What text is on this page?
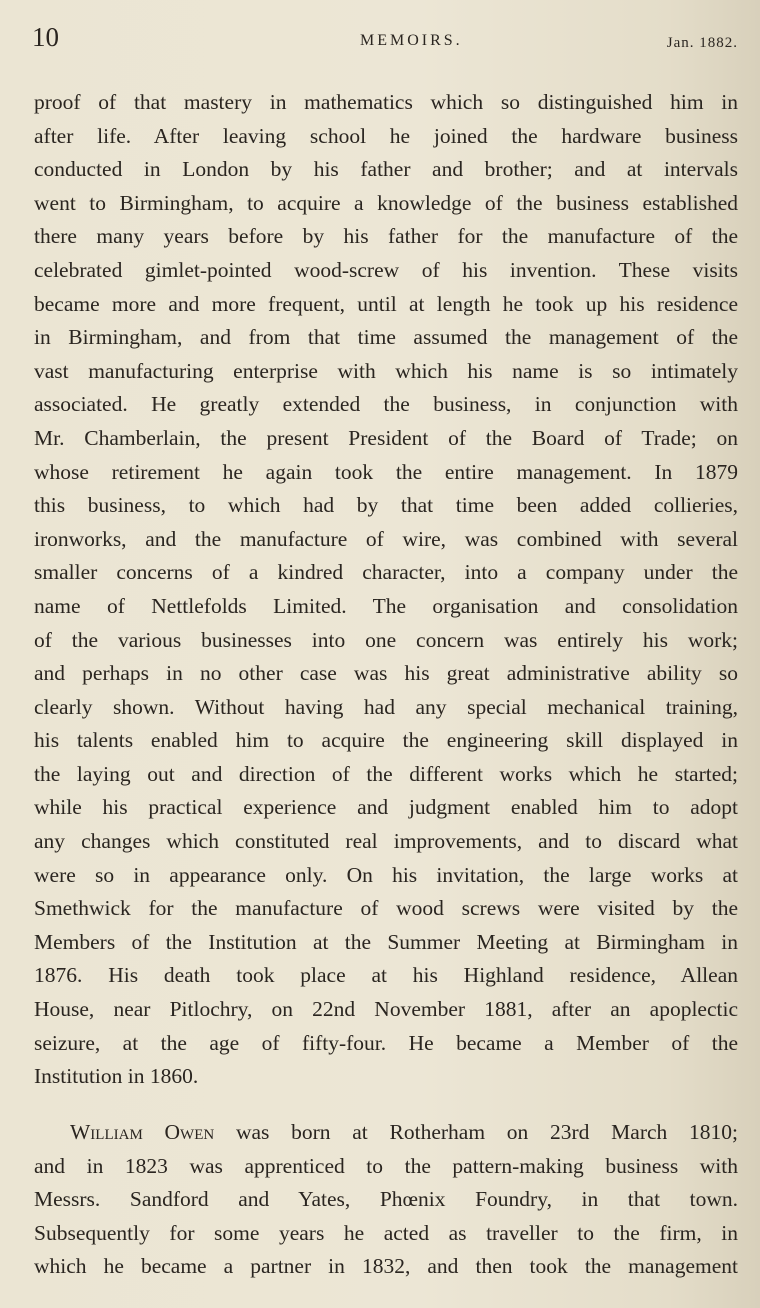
10	MEMOIRS.	Jan. 1882.
proof of that mastery in mathematics which so distinguished him in
after life. After leaving school he joined the hardware business
conducted in London by his father and brother; and at intervals
went to Birmingham, to acquire a knowledge of the business established
there many years before by his father for the manufacture of the
celebrated gimlet-pointed wood-screw of his invention. These visits
became more and more frequent, until at length he took up his residence
in Birmingham, and from that time assumed the management of the
vast manufacturing enterprise with which his name is so intimately
associated. He greatly extended the business, in conjunction with
Mr. Chamberlain, the present President of the Board of Trade; on
whose retirement he again took the entire management. In 1879
this business, to which had by that time been added collieries,
ironworks, and the manufacture of wire, was combined with several
smaller concerns of a kindred character, into a company under the
name of Nettlefolds Limited. The organisation and consolidation
of the various businesses into one concern was entirely his work;
and perhaps in no other case was his great administrative ability so
clearly shown. Without having had any special mechanical training,
his talents enabled him to acquire the engineering skill displayed in
the laying out and direction of the different works which he started;
while his practical experience and judgment enabled him to adopt
any changes which constituted real improvements, and to discard what
were so in appearance only. On his invitation, the large works at
Smethwick for the manufacture of wood screws were visited by the
Members of the Institution at the Summer Meeting at Birmingham in
1876. His death took place at his Highland residence, Allean
House, near Pitlochry, on 22nd November 1881, after an apoplectic
seizure, at the age of fifty-four. He became a Member of the
Institution in 1860.
William Owen was born at Rotherham on 23rd March 1810;
and in 1823 was apprenticed to the pattern-making business with
Messrs. Sandford and Yates, Phœnix Foundry, in that town.
Subsequently for some years he acted as traveller to the firm, in
which he became a partner in 1832, and then took the management
